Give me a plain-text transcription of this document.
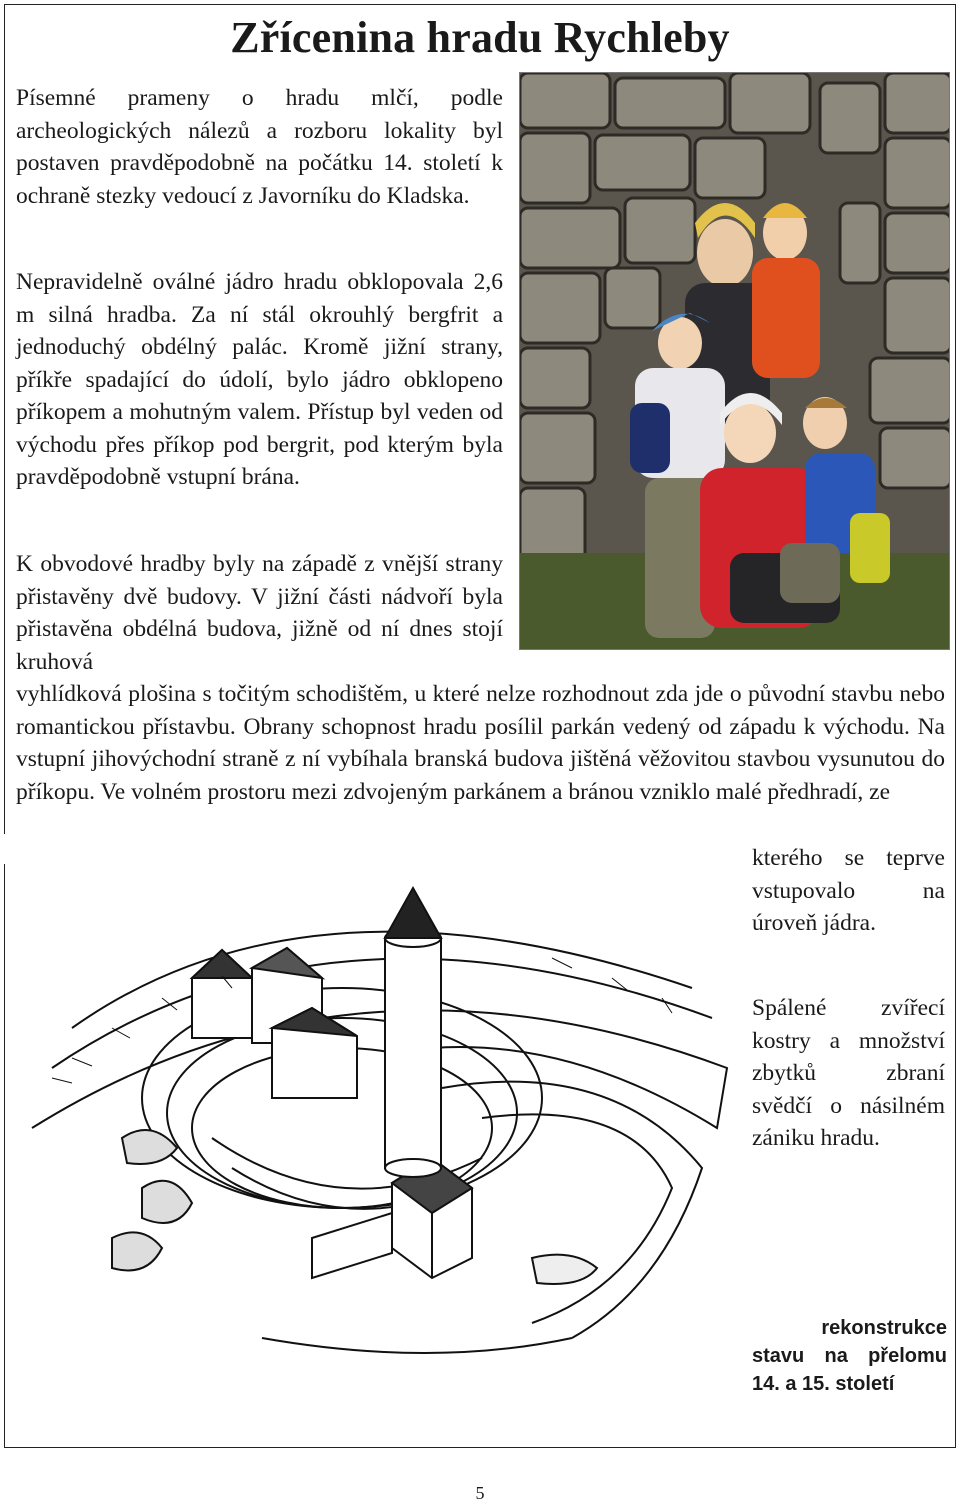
Zřícenina hradu Rychleby

Písemné prameny o hradu mlčí, podle archeologických nálezů a rozboru lokality byl postaven pravděpodobně na počátku 14. století k ochraně stezky vedoucí z Javorníku do Kladska.

Nepravidelně oválné jádro hradu obklopovala 2,6 m silná hradba. Za ní stál okrouhlý bergfrit a jednoduchý obdélný palác. Kromě jižní strany, příkře spadající do údolí, bylo jádro obklopeno příkopem a mohutným valem. Přístup byl veden od východu přes příkop pod bergrit, pod kterým byla pravděpodobně vstupní brána.

K obvodové hradby byly na západě z vnější strany přistavěny dvě budovy. V jižní části nádvoří byla přistavěna obdélná budova, jižně od ní dnes stojí kruhová

vyhlídková plošina s točitým schodištěm, u které nelze rozhodnout zda jde o původní stavbu nebo romantickou přístavbu. Obrany schopnost hradu posílil parkán vedený od západu k východu. Na vstupní jihovýchodní straně z ní vybíhala branská budova jištěná věžovitou stavbou vysunutou do příkopu. Ve volném prostoru mezi zdvojeným parkánem a bránou vzniklo malé předhradí, ze

kterého se teprve vstupovalo na úroveň jádra.

Spálené zvířecí kostry a množství zbytků zbraní svědčí o násilném zániku hradu.

rekonstrukce
stavu na přelomu
14. a 15. století

5
